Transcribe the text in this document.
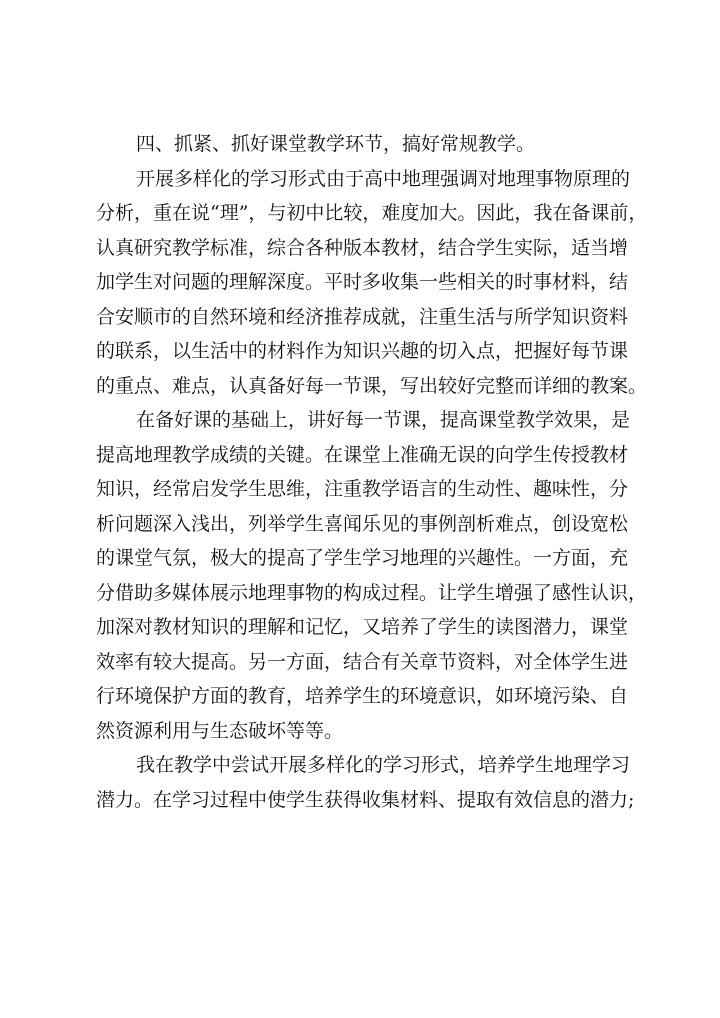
四、抓紧、抓好课堂教学环节，搞好常规教学。
开展多样化的学习形式由于高中地理强调对地理事物原理的
分析，重在说“理”，与初中比较，难度加大。因此，我在备课前，
认真研究教学标准，综合各种版本教材，结合学生实际，适当增
加学生对问题的理解深度。平时多收集一些相关的时事材料，结
合安顺市的自然环境和经济推荐成就，注重生活与所学知识资料
的联系，以生活中的材料作为知识兴趣的切入点，把握好每节课
的重点、难点，认真备好每一节课，写出较好完整而详细的教案。
在备好课的基础上，讲好每一节课，提高课堂教学效果，是
提高地理教学成绩的关键。在课堂上准确无误的向学生传授教材
知识，经常启发学生思维，注重教学语言的生动性、趣味性，分
析问题深入浅出，列举学生喜闻乐见的事例剖析难点，创设宽松
的课堂气氛，极大的提高了学生学习地理的兴趣性。一方面，充
分借助多媒体展示地理事物的构成过程。让学生增强了感性认识，
加深对教材知识的理解和记忆，又培养了学生的读图潜力，课堂
效率有较大提高。另一方面，结合有关章节资料，对全体学生进
行环境保护方面的教育，培养学生的环境意识，如环境污染、自
然资源利用与生态破坏等等。
我在教学中尝试开展多样化的学习形式，培养学生地理学习
潜力。在学习过程中使学生获得收集材料、提取有效信息的潜力;
